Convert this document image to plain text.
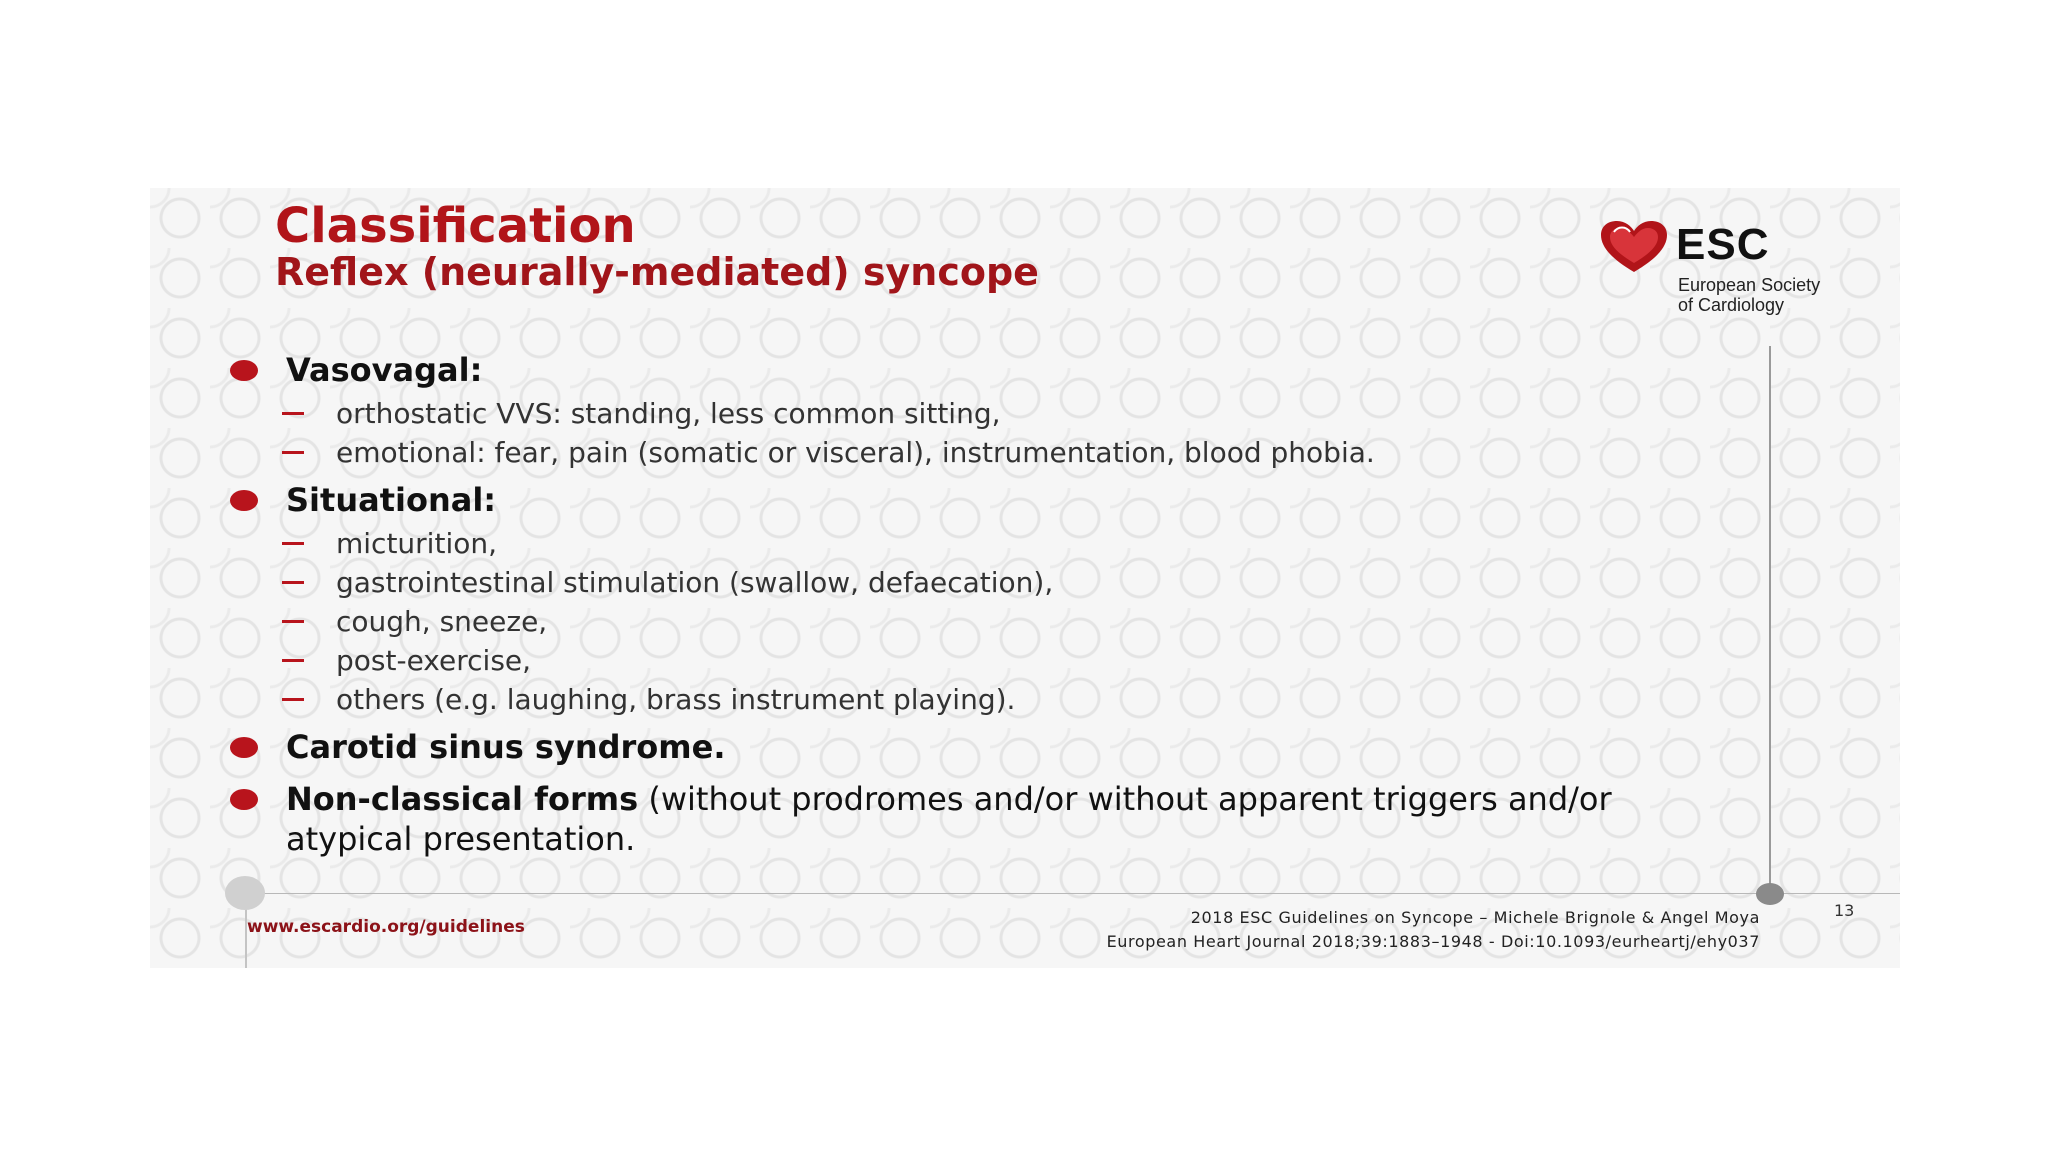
Classification
Reflex (neurally-mediated) syncope
ESC
European Society
of Cardiology
Vasovagal:
orthostatic VVS: standing, less common sitting,
emotional: fear, pain (somatic or visceral), instrumentation, blood phobia.
Situational:
micturition,
gastrointestinal stimulation (swallow, defaecation),
cough, sneeze,
post-exercise,
others (e.g. laughing, brass instrument playing).
Carotid sinus syndrome.
Non-classical forms (without prodromes and/or without apparent triggers and/or atypical presentation.
www.escardio.org/guidelines	2018 ESC Guidelines on Syncope – Michele Brignole & Angel Moya
European Heart Journal 2018;39:1883–1948 - Doi:10.1093/eurheartj/ehy037
13
